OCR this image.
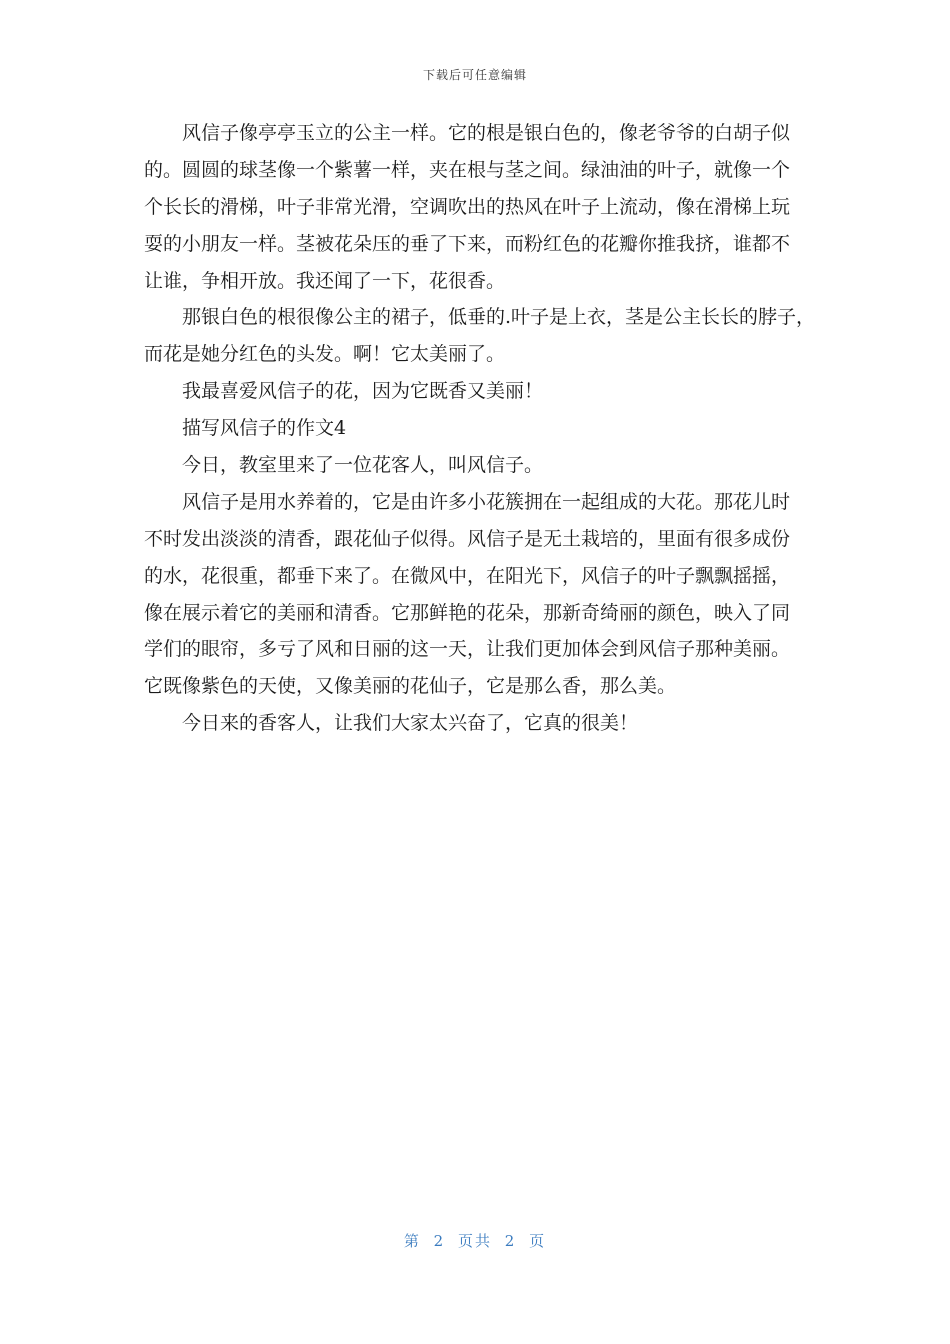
下载后可任意编辑
风信子像亭亭玉立的公主一样。它的根是银白色的，像老爷爷的白胡子似
的。圆圆的球茎像一个紫薯一样，夹在根与茎之间。绿油油的叶子，就像一个
个长长的滑梯，叶子非常光滑，空调吹出的热风在叶子上流动，像在滑梯上玩
耍的小朋友一样。茎被花朵压的垂了下来，而粉红色的花瓣你推我挤，谁都不
让谁，争相开放。我还闻了一下，花很香。
那银白色的根很像公主的裙子，低垂的.叶子是上衣，茎是公主长长的脖子，
而花是她分红色的头发。啊！它太美丽了。
我最喜爱风信子的花，因为它既香又美丽！
描写风信子的作文4
今日，教室里来了一位花客人，叫风信子。
风信子是用水养着的，它是由许多小花簇拥在一起组成的大花。那花儿时
不时发出淡淡的清香，跟花仙子似得。风信子是无土栽培的，里面有很多成份
的水，花很重，都垂下来了。在微风中，在阳光下，风信子的叶子飘飘摇摇，
像在展示着它的美丽和清香。它那鲜艳的花朵，那新奇绮丽的颜色，映入了同
学们的眼帘，多亏了风和日丽的这一天，让我们更加体会到风信子那种美丽。
它既像紫色的天使，又像美丽的花仙子，它是那么香，那么美。
今日来的香客人，让我们大家太兴奋了，它真的很美！
第 2 页共 2 页
